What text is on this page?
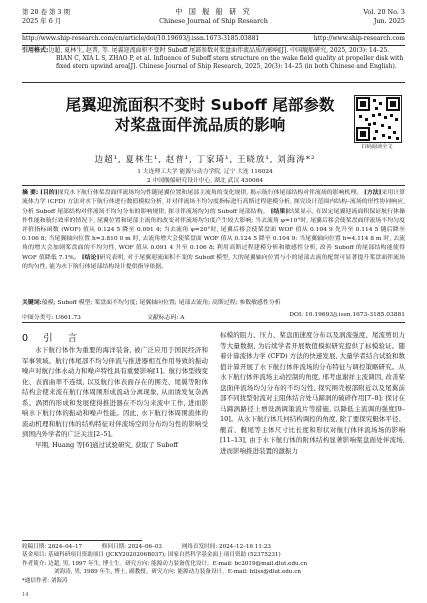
第 20 卷 第 3 期
2025 年 6 月
中 国 舰 船 研 究
Chinese Journal of Ship Research
Vol. 20 No. 3
Jun. 2025
http://www.ship-research.com/cn/article/doi/10.19693/j.issn.1673-3185.03881	http://www.ship-research.com
引用格式:边超, 夏林生, 赵普, 等. 尾翼迎流面积不变时 Suboff 尾部参数对桨盘面伴流品质的影响[J]. 中国舰船研究, 2025, 20(3): 14–25.
BIAN C, XIA L S, ZHAO P, et al. Influence of Suboff stern structure on the wake field quality at propeller disk with fixed stern upwind area[J]. Chinese Journal of Ship Research, 2025, 20(3): 14–25 (in both Chinese and English).
尾翼迎流面积不变时 Suboff 尾部参数对桨盘面伴流品质的影响
扫码阅读全文
边超¹, 夏林生¹, 赵普¹, 丁家琦¹, 王晓放¹, 刘海涛*²
1 大连理工大学 能源与动力学院, 辽宁 大连 116024
2 中国舰船研究设计中心, 湖北 武汉 430064
摘 要: [目的]探究水下航行体桨盘面伴流场均匀性随尾翼位置和尾部主流角的变化规律, 揭示航行体尾部结构对伴流场的影响机理。 [方法]采用计算流体力学 (CFD) 方法对水下航行体进行数值模拟分析, 并对伴流场不均匀度指标进行高斯过程建模分析, 探究设计范围内结构–流场的形性协同响应, 分析 Suboff 尾部结构对伴流场不均匀分布的影响规律, 探寻伴流场均匀的 Suboff 尾部结构。 [结果]结果显示, 在固定尾翼迎流面积保证航行体操作性能和航行效率的情况下, 尾翼位置和尾部主流角的改变对伴流场均匀度产生较大影响; 当去流角 φ=10°时, 尾翼后移会使桨盘面伴流场不均匀度评价指标函数 (WOF) 值从 0.124 5 降至 0.091 4; 当去流角 φ=20°时, 尾翼后移会使桨盘面 WOF 值从 0.104 9 先升至 0.114 5 随后降至 0.106 8; 当尾翼轴向位置 h=3.810 0 m 时, 去流角增大会使桨盘面 WOF 值从 0.124 5 降至 0.104 9; 当尾翼轴向位置 h=4.114 8 m 时, 去流角的增大会加剧桨盘面的不均匀性, WOF 值从 0.091 4 升至 0.106 8; 利用高斯过程建模分析和敏感性分析, 改善 Suboff 的尾部结构能使得 WOF 值降低 7.1%。 [结论]研究表明, 对于尾翼迎流面积不变的 Suboff 模型, 大的尾翼轴向位置与小的尾部去流角配置可显著提升桨盘面伴流场的均匀性, 能为水下航行体尾部结构设计提供指导依据。
关键词:船模; Suboff 模型; 桨盘面不均匀度; 尾翼轴向位置; 尾部去流角; 高斯过程; 参数敏感性分析
中图分类号: U661.73	文献标志码: A	DOI: 10.19693/j.issn.1673-3185.03881
0 引 言

水下航行体作为重要的海洋装备, 被广泛应用于国民经济和军事领域。航行体尾部不均匀伴流与推进器相互作用导致的振动噪声对航行体水动力和噪声特性具有重要影响[1]。航行体型线变化、表面曲率不连续, 以及航行体表面存在的围壳、尾翼等附体结构会使来流在航行体周围形成流动分离现象, 从而诱发复杂涡系。涡团的形成和发展使得推进器在不均匀来流中工作, 进而影响水下航行体的振动和噪声性能。因此, 水下航行体周围流体的流动机理和航行体的结构特征对伴流场空间分布均匀性的影响受到国内外学者的广泛关注[2–5]。

早期, Huang 等[6]通过试验研究, 获取了 Suboff

标模的阻力、压力、桨盘面速度分布以及涡流强度、尾流剪切力等大量数据, 为后续学者开展数值模拟研究提供了标模验证。随着计算流体力学 (CFD) 方法的快速发展, 大量学者结合试验和数值计算开展了水下航行体伴流场的分布特征与调控策略研究。从水下航行体伴流场主动控制的角度, 邢考虑谢祥主流调因, 改善桨盘面伴流场均匀分布的不均匀性, 探究围壳根部附近以及尾翼前部不同扰型射流对主阻体结合处马蹄涡的破碎作用[7–8]; 探讨在马蹄涡路径上增设涡调策流片等措施, 以降低主流调的强度[9–10]。从水下航行体几何结构调控的角度, 除了要探究艇体平径、艇首、艇尾等主体尺寸比长度和形状对航行体伴流场场的影响[11–13], 由于水下航行体的附体结构显著影响桨盘面处伴流场, 进而影响推进装置的激振力

收稿日期: 2024–04–17	修回日期: 2024–06–03	网络首发时间: 2024–12–16 11:23
基金项目: 基础科研项目资助项目 (JCKY2020206B037); 国家自然科学基金面上项目资助 (52375231)
作者简介: 边超, 男, 1997 年生, 博士生。研究方向: 能源动力装备优化设计。E-mail: bc2019@mail.dlut.edu.cn
刘海涛, 男, 1989 年生, 博士, 副教授。研究方向: 能源动力装备设计。E-mail: htlsx@dlut.edu.cn
*通信作者: 刘海涛
14
